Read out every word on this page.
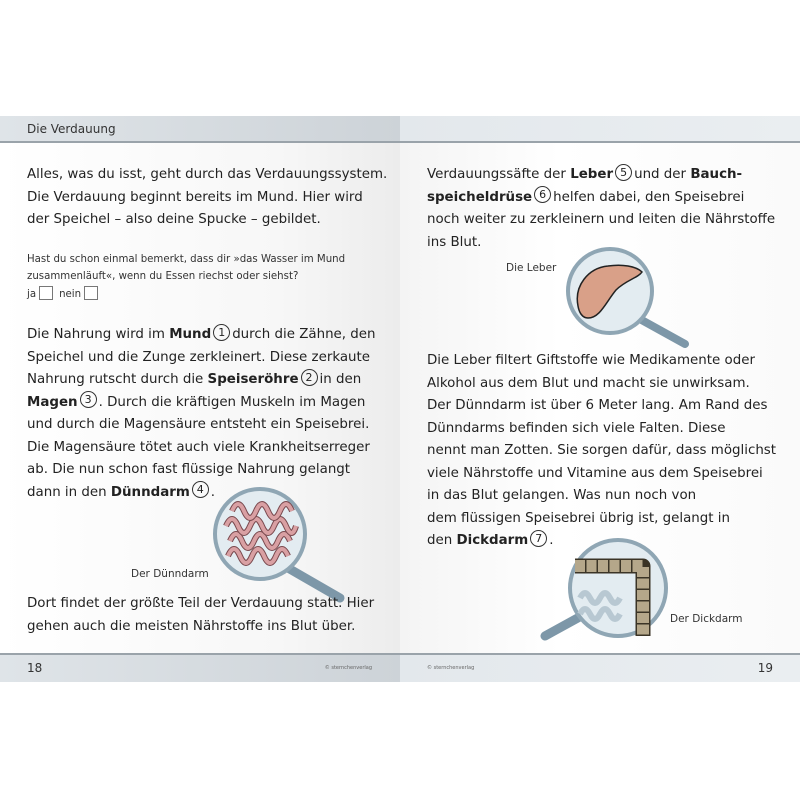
Die Verdauung
Alles, was du isst, geht durch das Verdauungssystem.
Die Verdauung beginnt bereits im Mund. Hier wird
der Speichel – also deine Spucke – gebildet.
Hast du schon einmal bemerkt, dass dir »das Wasser im Mund
zusammenläuft«, wenn du Essen riechst oder siehst?
ja nein
Die Nahrung wird im Mund 1 durch die Zähne, den
Speichel und die Zunge zerkleinert. Diese zerkaute
Nahrung rutscht durch die Speiseröhre 2 in den
Magen 3 . Durch die kräftigen Muskeln im Magen
und durch die Magensäure entsteht ein Speisebrei.
Die Magensäure tötet auch viele Krankheitserreger
ab. Die nun schon fast flüssige Nahrung gelangt
dann in den Dünndarm 4 .
Der Dünndarm
Dort findet der größte Teil der Verdauung statt. Hier
gehen auch die meisten Nährstoffe ins Blut über.
18	© sternchenverlag
Verdauungssäfte der Leber 5 und der Bauch-
speicheldrüse 6 helfen dabei, den Speisebrei
noch weiter zu zerkleinern und leiten die Nährstoffe
ins Blut.
Die Leber
Die Leber filtert Giftstoffe wie Medikamente oder
Alkohol aus dem Blut und macht sie unwirksam.
Der Dünndarm ist über 6 Meter lang. Am Rand des
Dünndarms befinden sich viele Falten. Diese
nennt man Zotten. Sie sorgen dafür, dass möglichst
viele Nährstoffe und Vitamine aus dem Speisebrei
in das Blut gelangen. Was nun noch von
dem flüssigen Speisebrei übrig ist, gelangt in
den Dickdarm 7 .
Der Dickdarm
© sternchenverlag	19
